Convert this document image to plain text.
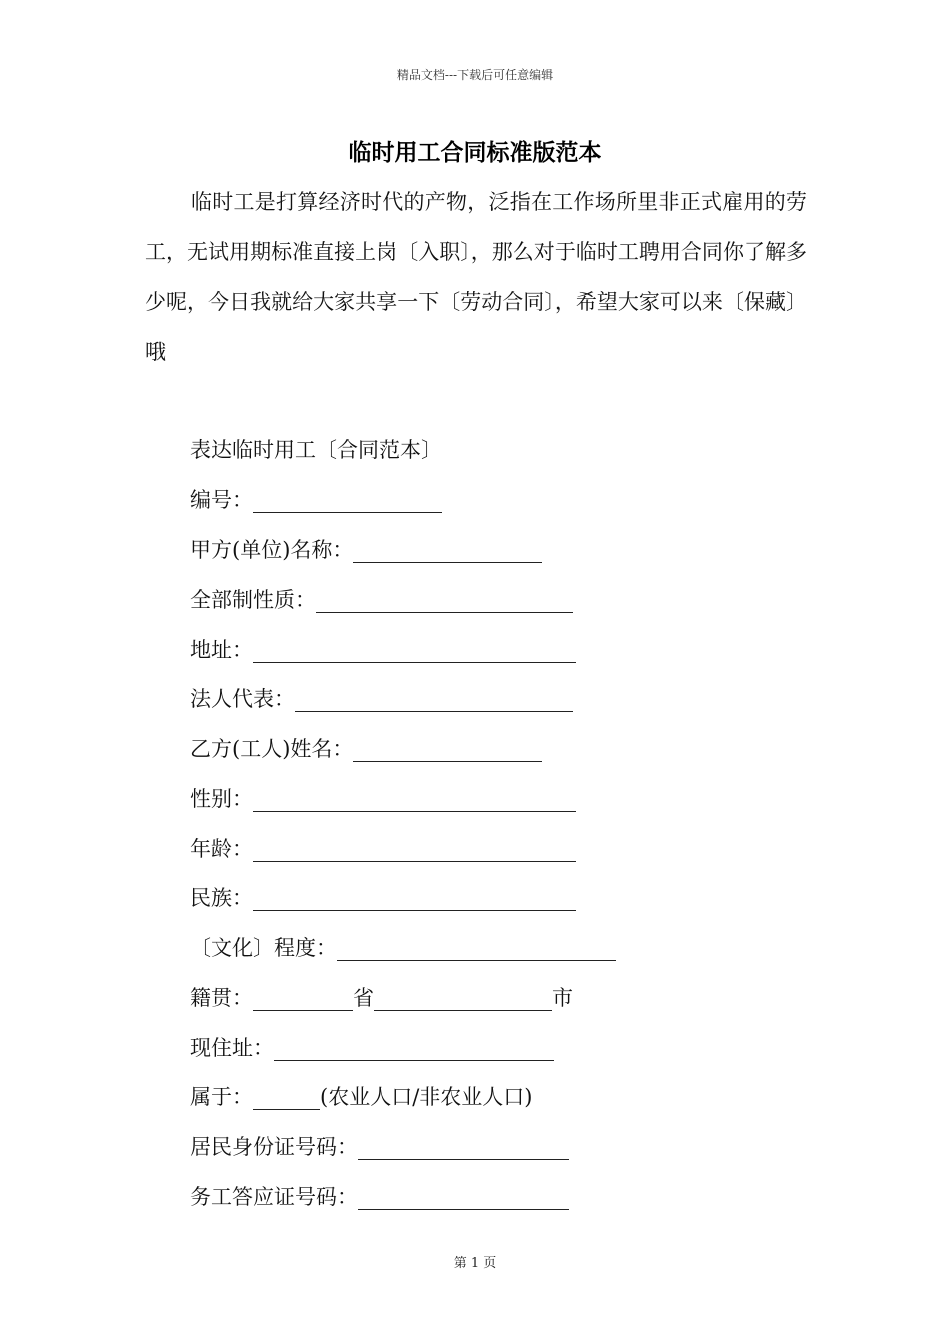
精品文档---下载后可任意编辑
临时用工合同标准版范本

临时工是打算经济时代的产物，泛指在工作场所里非正式雇用的劳工，无试用期标准直接上岗〔入职〕，那么对于临时工聘用合同你了解多少呢，今日我就给大家共享一下〔劳动合同〕，希望大家可以来〔保藏〕哦

表达临时用工〔合同范本〕
编号：
甲方(单位)名称：
全部制性质：
地址：
法人代表：
乙方(工人)姓名：
性别：
年龄：
民族：
〔文化〕程度：
籍贯：	省	市
现住址：
属于：	(农业人口/非农业人口)
居民身份证号码：
务工答应证号码：
第 1 页
